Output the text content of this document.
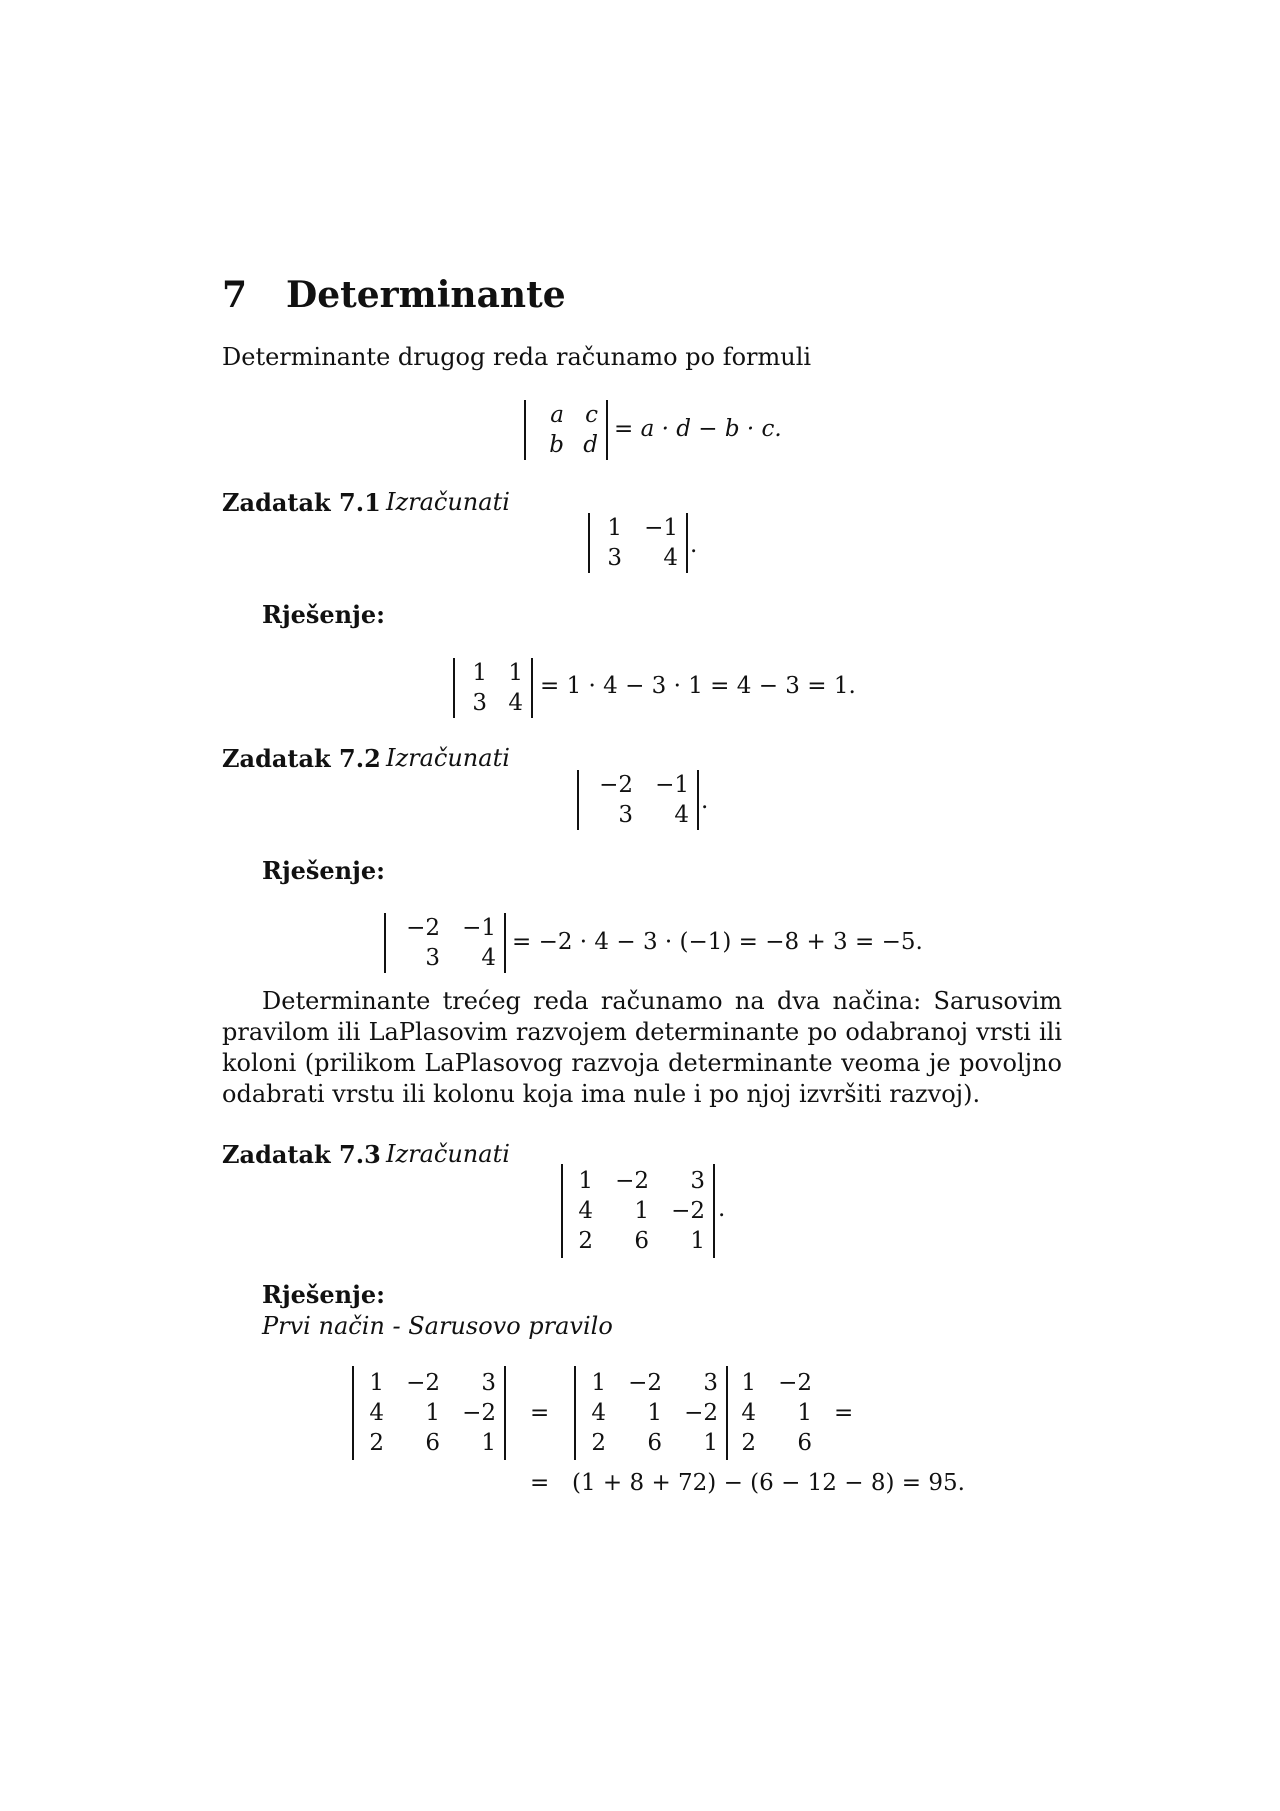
7 Determinante
Determinante drugog reda računamo po formuli
a c
b d
= a · d − b · c.
Zadatak 7.1 Izračunati
1 −1
3	4 .
Rješenje:
1 1
3 4
= 1 · 4 − 3 · 1 = 4 − 3 = 1.
Zadatak 7.2 Izračunati
−2 −1
3	4
.
Rješenje:
−2 −1
3	4
= −2 · 4 − 3 · (−1) = −8 + 3 = −5.
Determinante trećeg reda računamo na dva načina: Sarusovim pravilom ili LaPlasovim razvojem determinante po odabranoj vrsti ili koloni (prilikom LaPlasovog razvoja determinante veoma je povoljno odabrati vrstu ili kolonu koja ima nule i po njoj izvršiti razvoj).
Zadatak 7.3 Izračunati
1 −2	3
4	1 −2
2	6	1
.
Rješenje:
Prvi način - Sarusovo pravilo
1 −2	3
4	1 −2
2	6	1
=
1 −2	3
4	1 −2
2	6	1
1 −2
4	1
2	6
=
= (1 + 8 + 72) − (6 − 12 − 8) = 95.
